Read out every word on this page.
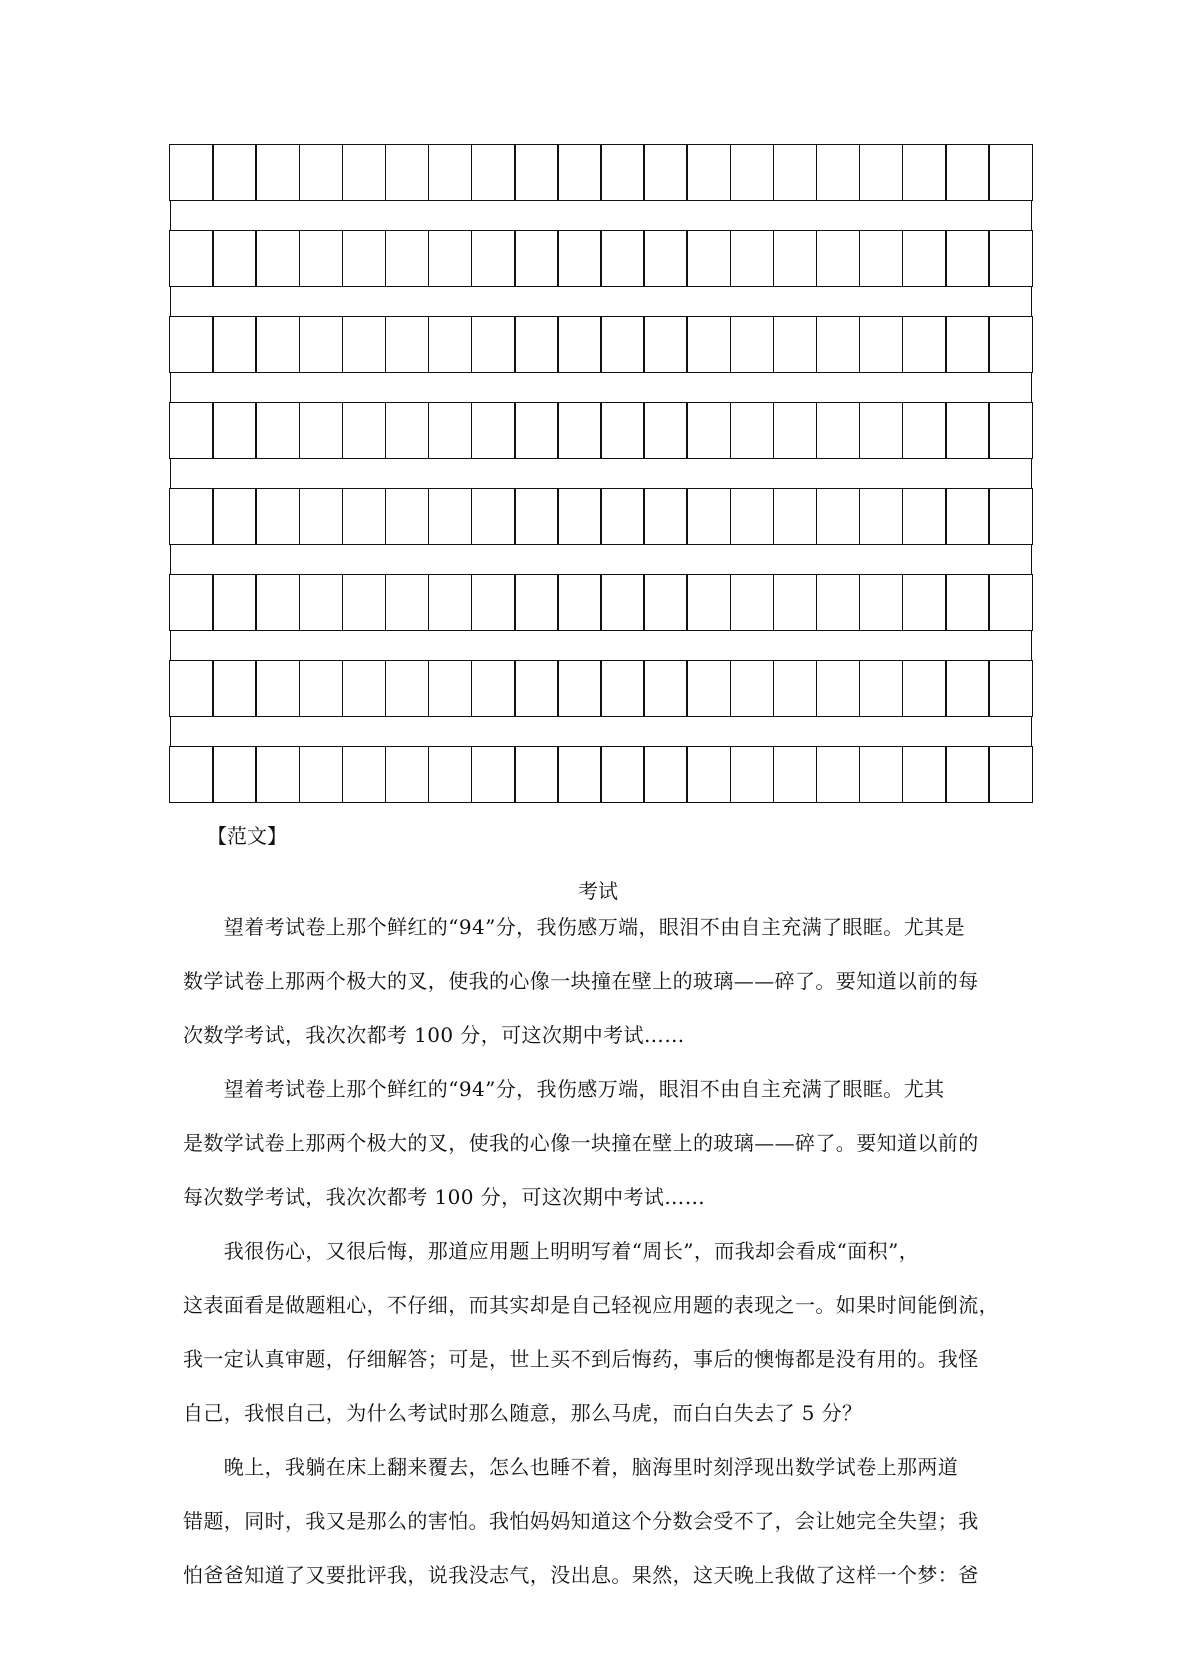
【范文】
考试
　　望着考试卷上那个鲜红的“94”分，我伤感万端，眼泪不由自主充满了眼眶。尤其是
数学试卷上那两个极大的叉，使我的心像一块撞在壁上的玻璃——碎了。要知道以前的每
次数学考试，我次次都考 100 分，可这次期中考试……
　　望着考试卷上那个鲜红的“94”分，我伤感万端，眼泪不由自主充满了眼眶。尤其
是数学试卷上那两个极大的叉，使我的心像一块撞在壁上的玻璃——碎了。要知道以前的
每次数学考试，我次次都考 100 分，可这次期中考试……
　　我很伤心，又很后悔，那道应用题上明明写着“周长”，而我却会看成“面积”，
这表面看是做题粗心，不仔细，而其实却是自己轻视应用题的表现之一。如果时间能倒流，
我一定认真审题，仔细解答；可是，世上买不到后悔药，事后的懊悔都是没有用的。我怪
自己，我恨自己，为什么考试时那么随意，那么马虎，而白白失去了 5 分？
　　晚上，我躺在床上翻来覆去，怎么也睡不着，脑海里时刻浮现出数学试卷上那两道
错题，同时，我又是那么的害怕。我怕妈妈知道这个分数会受不了，会让她完全失望；我
怕爸爸知道了又要批评我，说我没志气，没出息。果然，这天晚上我做了这样一个梦：爸
